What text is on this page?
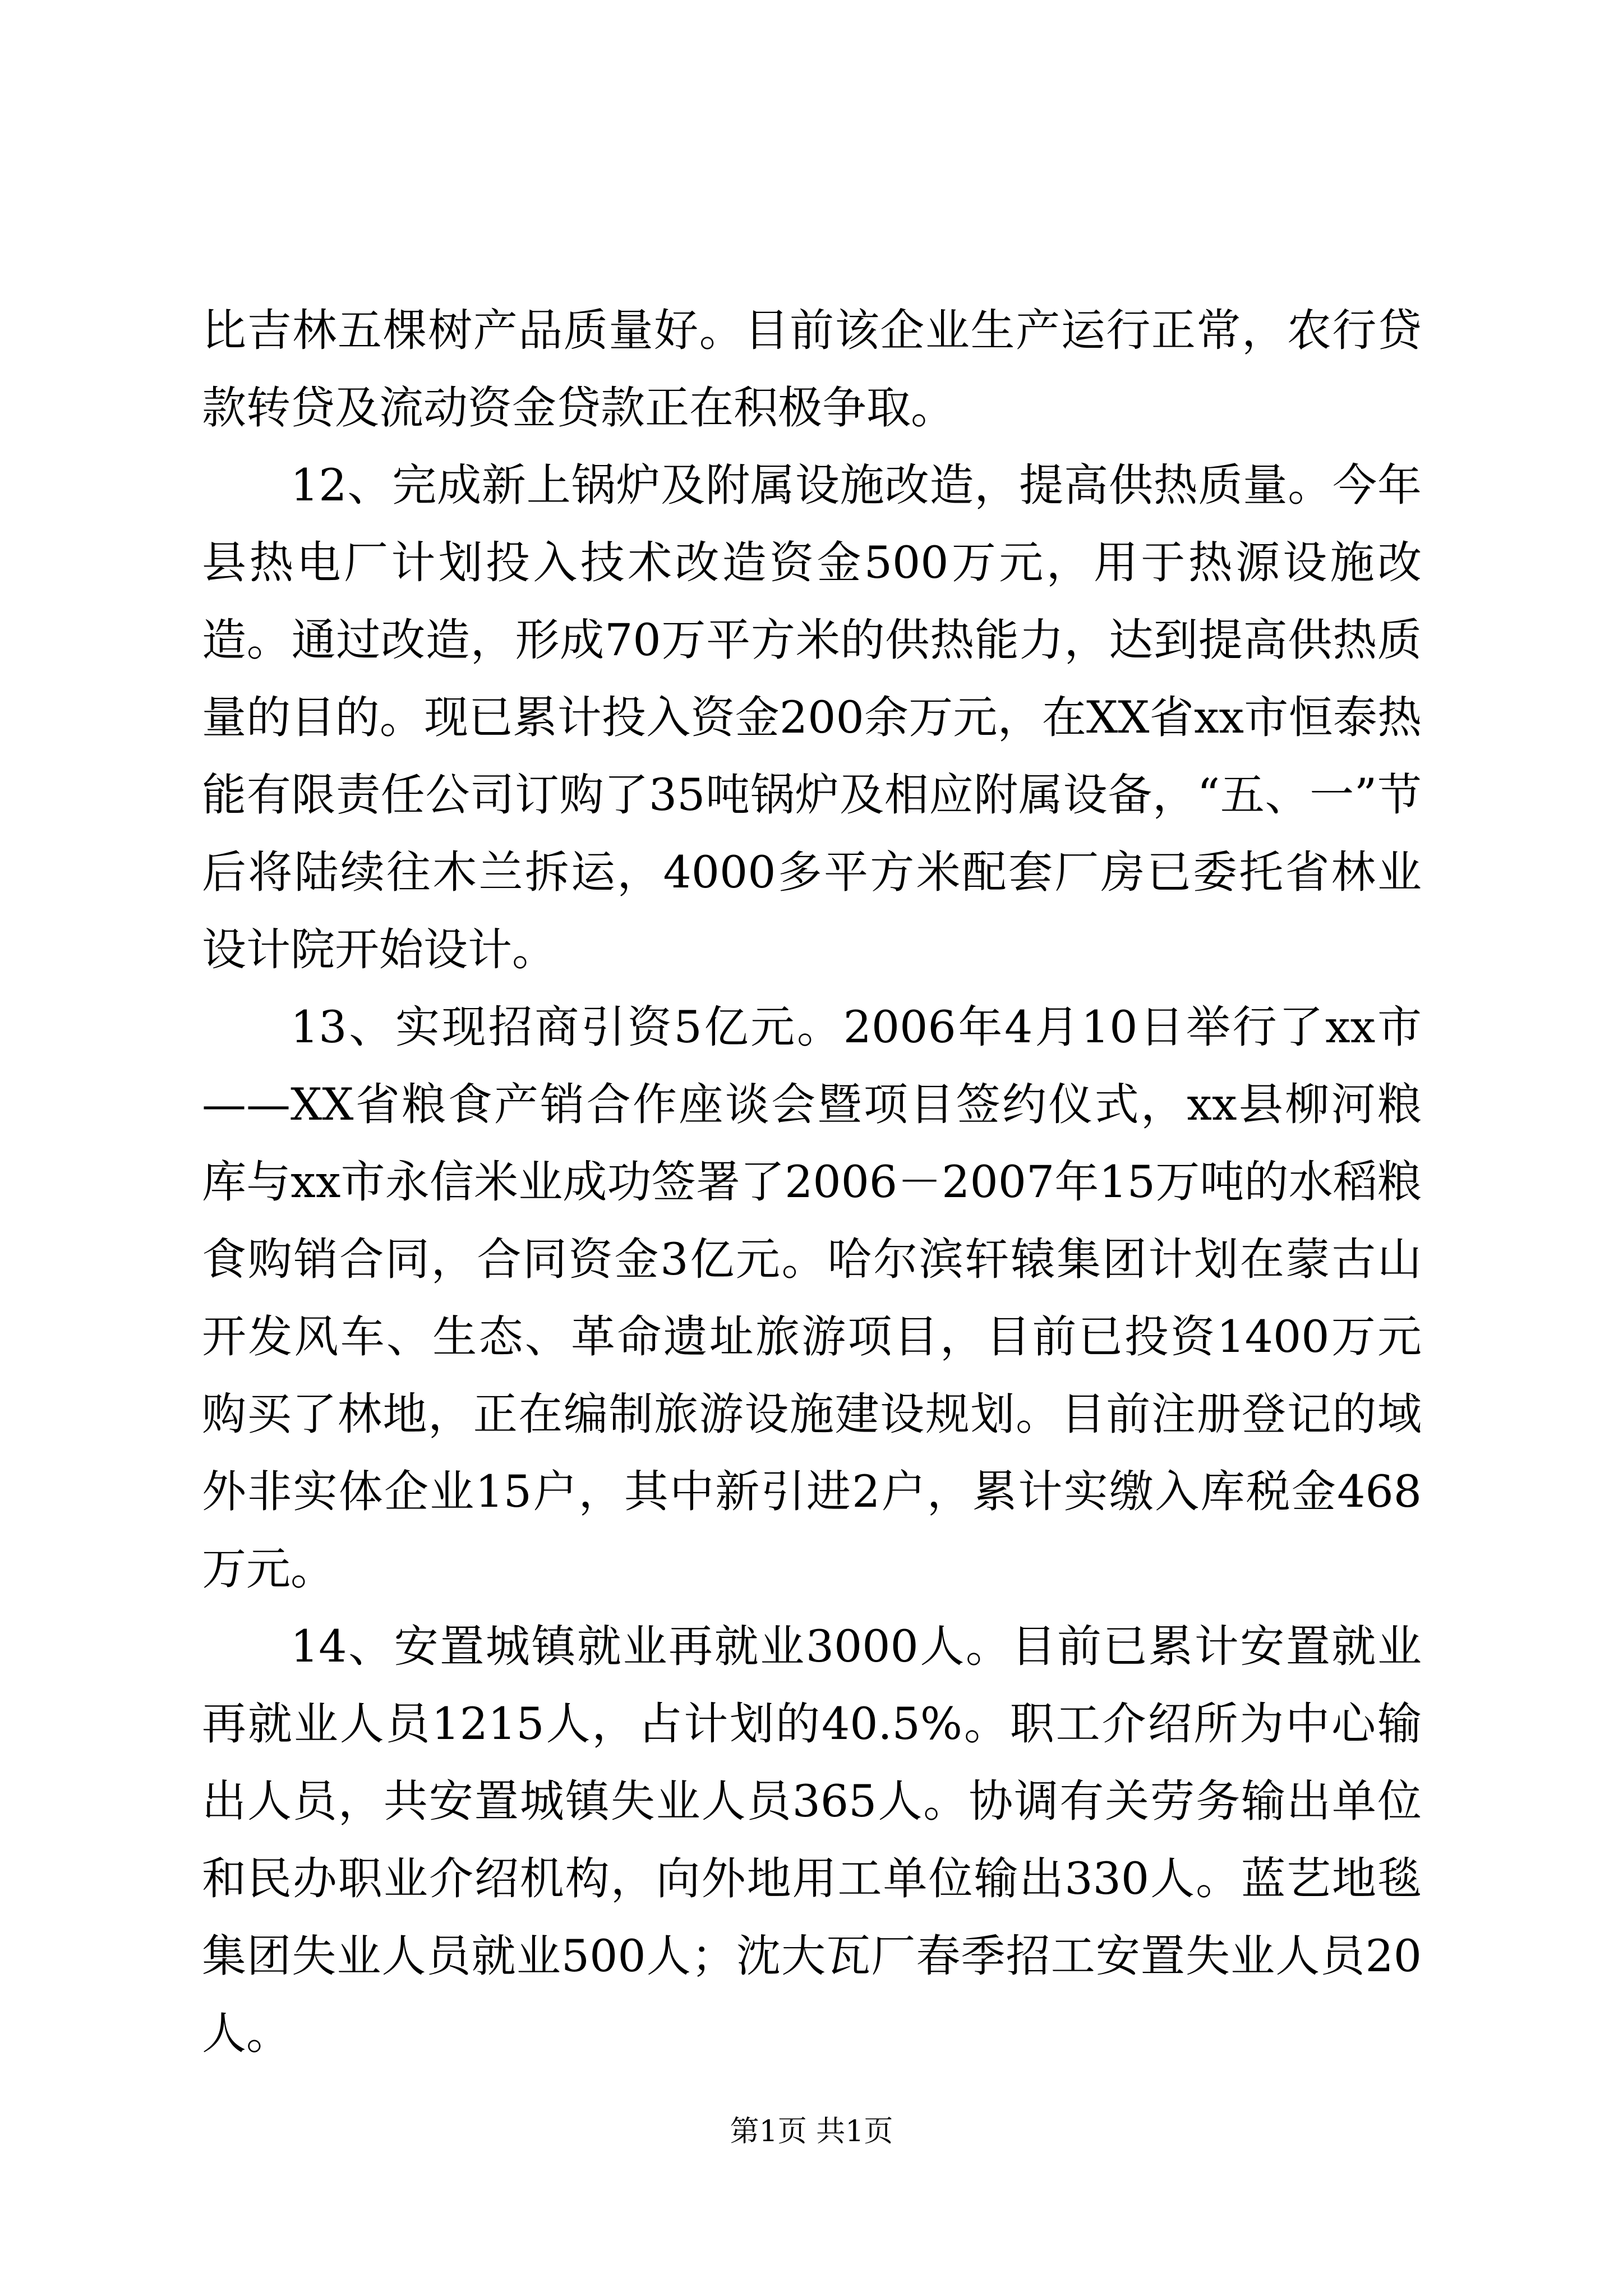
比吉林五棵树产品质量好。目前该企业生产运行正常，农行贷款转贷及流动资金贷款正在积极争取。

12、完成新上锅炉及附属设施改造，提高供热质量。今年县热电厂计划投入技术改造资金500万元，用于热源设施改造。通过改造，形成70万平方米的供热能力，达到提高供热质量的目的。现已累计投入资金200余万元，在XX省xx市恒泰热能有限责任公司订购了35吨锅炉及相应附属设备，“五、一”节后将陆续往木兰拆运，4000多平方米配套厂房已委托省林业设计院开始设计。

13、实现招商引资5亿元。2006年4月10日举行了xx市——XX省粮食产销合作座谈会暨项目签约仪式，xx县柳河粮库与xx市永信米业成功签署了2006－2007年15万吨的水稻粮食购销合同，合同资金3亿元。哈尔滨轩辕集团计划在蒙古山开发风车、生态、革命遗址旅游项目，目前已投资1400万元购买了林地，正在编制旅游设施建设规划。目前注册登记的域外非实体企业15户，其中新引进2户，累计实缴入库税金468万元。

14、安置城镇就业再就业3000人。目前已累计安置就业再就业人员1215人，占计划的40.5%。职工介绍所为中心输出人员，共安置城镇失业人员365人。协调有关劳务输出单位和民办职业介绍机构，向外地用工单位输出330人。蓝艺地毯集团失业人员就业500人；沈大瓦厂春季招工安置失业人员20人。

第1页 共1页
